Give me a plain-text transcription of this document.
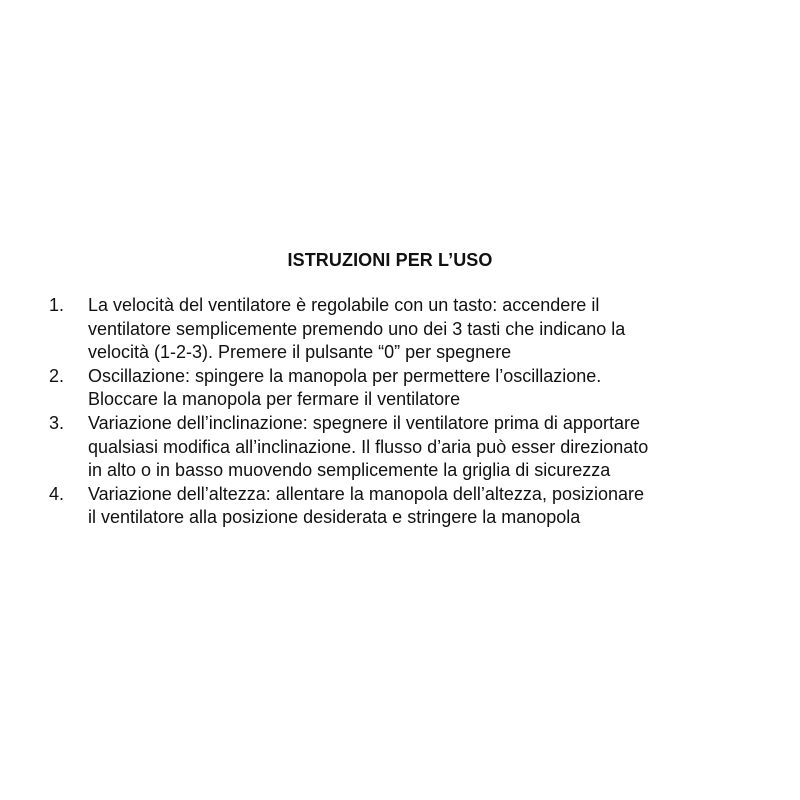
ISTRUZIONI PER L’USO
1. La velocità del ventilatore è regolabile con un tasto: accendere il
ventilatore semplicemente premendo uno dei 3 tasti che indicano la
velocità (1-2-3). Premere il pulsante “0” per spegnere
2. Oscillazione: spingere la manopola per permettere l’oscillazione.
Bloccare la manopola per fermare il ventilatore
3. Variazione dell’inclinazione: spegnere il ventilatore prima di apportare
qualsiasi modifica all’inclinazione. Il flusso d’aria può esser direzionato
in alto o in basso muovendo semplicemente la griglia di sicurezza
4. Variazione dell’altezza: allentare la manopola dell’altezza, posizionare
il ventilatore alla posizione desiderata e stringere la manopola
